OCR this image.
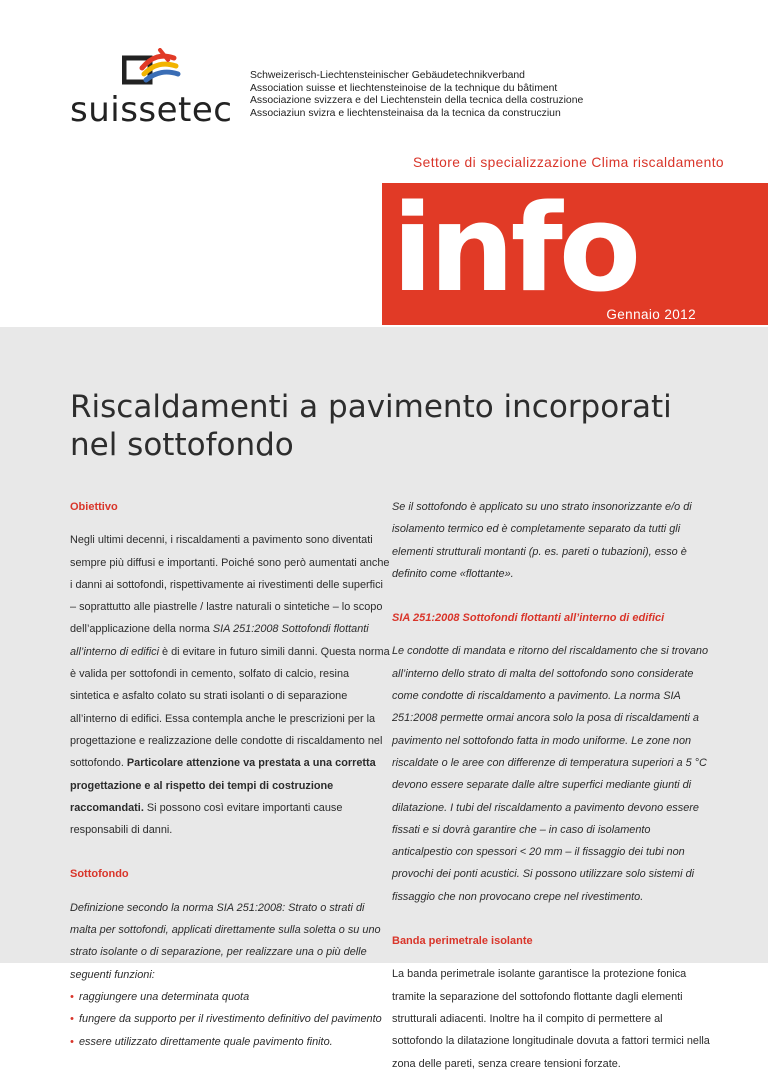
suissetec
Schweizerisch-Liechtensteinischer Gebäudetechnikverband
Association suisse et liechtensteinoise de la technique du bâtiment
Associazione svizzera e del Liechtenstein della tecnica della costruzione
Associaziun svizra e liechtensteinaisa da la tecnica da construcziun
Settore di specializzazione Clima riscaldamento
info
Gennaio 2012
Riscaldamenti a pavimento incorporati
nel sottofondo

Obiettivo

Negli ultimi decenni, i riscaldamenti a pavimento sono diventati sempre più diffusi e importanti. Poiché sono però aumentati anche i danni ai sottofondi, rispettivamente ai rivestimenti delle superfici – soprattutto alle piastrelle / lastre naturali o sintetiche – lo scopo dell’applicazione della norma SIA 251:2008 Sottofondi flottanti all’interno di edifici è di evitare in futuro simili danni. Questa norma è valida per sottofondi in cemento, solfato di calcio, resina sintetica e asfalto colato su strati isolanti o di separazione all’interno di edifici. Essa contempla anche le prescrizioni per la progettazione e realizzazione delle condotte di riscaldamento nel sottofondo. Particolare attenzione va prestata a una corretta progettazione e al rispetto dei tempi di costruzione raccomandati. Si possono così evitare importanti cause responsabili di danni.

Sottofondo

Definizione secondo la norma SIA 251:2008: Strato o strati di malta per sottofondi, applicati direttamente sulla soletta o su uno strato isolante o di separazione, per realizzare una o più delle seguenti funzioni:

• raggiungere una determinata quota
• fungere da supporto per il rivestimento definitivo del pavimento
• essere utilizzato direttamente quale pavimento finito.

Se il sottofondo è applicato su uno strato insonorizzante e/o di isolamento termico ed è completamente separato da tutti gli elementi strutturali montanti (p. es. pareti o tubazioni), esso è definito come «flottante».

SIA 251:2008 Sottofondi flottanti all’interno di edifici

Le condotte di mandata e ritorno del riscaldamento che si trovano all’interno dello strato di malta del sottofondo sono considerate come condotte di riscaldamento a pavimento. La norma SIA 251:2008 permette ormai ancora solo la posa di riscaldamenti a pavimento nel sottofondo fatta in modo uniforme. Le zone non riscaldate o le aree con differenze di temperatura superiori a 5 °C devono essere separate dalle altre superfici mediante giunti di dilatazione. I tubi del riscaldamento a pavimento devono essere fissati e si dovrà garantire che – in caso di isolamento anticalpestio con spessori < 20 mm – il fissaggio dei tubi non provochi dei ponti acustici. Si possono utilizzare solo sistemi di fissaggio che non provocano crepe nel rivestimento.

Banda perimetrale isolante

La banda perimetrale isolante garantisce la protezione fonica tramite la separazione del sottofondo flottante dagli elementi strutturali adiacenti. Inoltre ha il compito di permettere al sottofondo la dilatazione longitudinale dovuta a fattori termici nella zona delle pareti, senza creare tensioni forzate.
